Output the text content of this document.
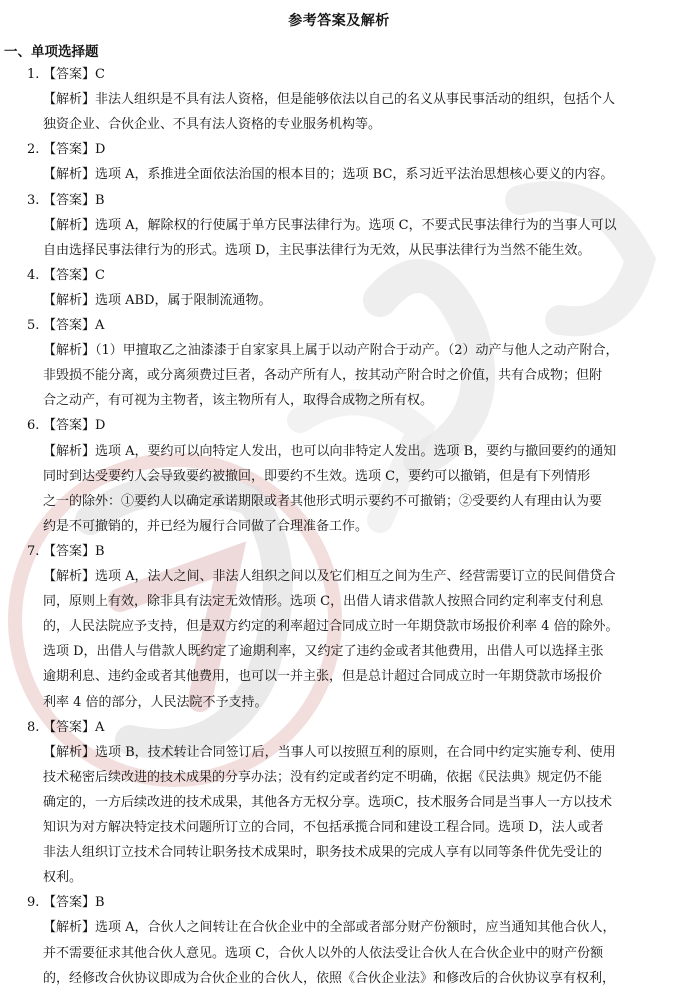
参考答案及解析
一、单项选择题
1. 【答案】C
【解析】非法人组织是不具有法人资格，但是能够依法以自己的名义从事民事活动的组织，包括个人
独资企业、合伙企业、不具有法人资格的专业服务机构等。
2. 【答案】D
【解析】选项 A，系推进全面依法治国的根本目的；选项 BC，系习近平法治思想核心要义的内容。
3. 【答案】B
【解析】选项 A，解除权的行使属于单方民事法律行为。选项 C，不要式民事法律行为的当事人可以
自由选择民事法律行为的形式。选项 D，主民事法律行为无效，从民事法律行为当然不能生效。
4. 【答案】C
【解析】选项 ABD，属于限制流通物。
5. 【答案】A
【解析】（1）甲擅取乙之油漆漆于自家家具上属于以动产附合于动产。（2）动产与他人之动产附合，
非毁损不能分离，或分离须费过巨者，各动产所有人，按其动产附合时之价值，共有合成物；但附
合之动产，有可视为主物者，该主物所有人，取得合成物之所有权。
6. 【答案】D
【解析】选项 A，要约可以向特定人发出，也可以向非特定人发出。选项 B，要约与撤回要约的通知
同时到达受要约人会导致要约被撤回，即要约不生效。选项 C，要约可以撤销，但是有下列情形
之一的除外：①要约人以确定承诺期限或者其他形式明示要约不可撤销；②受要约人有理由认为要
约是不可撤销的，并已经为履行合同做了合理准备工作。
7. 【答案】B
【解析】选项 A，法人之间、非法人组织之间以及它们相互之间为生产、经营需要订立的民间借贷合
同，原则上有效，除非具有法定无效情形。选项 C，出借人请求借款人按照合同约定利率支付利息
的，人民法院应予支持，但是双方约定的利率超过合同成立时一年期贷款市场报价利率 4 倍的除外。
选项 D，出借人与借款人既约定了逾期利率，又约定了违约金或者其他费用，出借人可以选择主张
逾期利息、违约金或者其他费用，也可以一并主张，但是总计超过合同成立时一年期贷款市场报价
利率 4 倍的部分，人民法院不予支持。
8. 【答案】A
【解析】选项 B，技术转让合同签订后，当事人可以按照互利的原则，在合同中约定实施专利、使用
技术秘密后续改进的技术成果的分享办法；没有约定或者约定不明确，依据《民法典》规定仍不能
确定的，一方后续改进的技术成果，其他各方无权分享。选项C，技术服务合同是当事人一方以技术
知识为对方解决特定技术问题所订立的合同，不包括承揽合同和建设工程合同。选项 D，法人或者
非法人组织订立技术合同转让职务技术成果时，职务技术成果的完成人享有以同等条件优先受让的
权利。
9. 【答案】B
【解析】选项 A，合伙人之间转让在合伙企业中的全部或者部分财产份额时，应当通知其他合伙人，
并不需要征求其他合伙人意见。选项 C，合伙人以外的人依法受让合伙人在合伙企业中的财产份额
的，经修改合伙协议即成为合伙企业的合伙人，依照《合伙企业法》和修改后的合伙协议享有权利，
